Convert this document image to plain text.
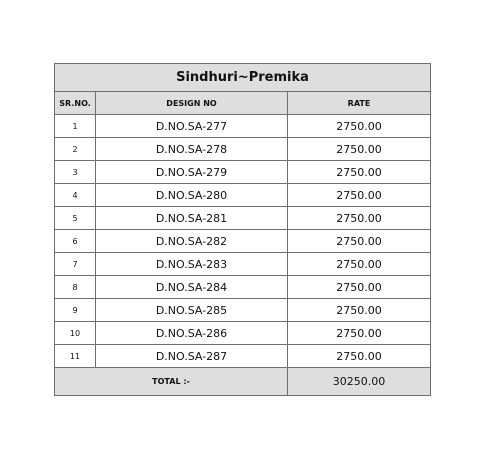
Sindhuri~Premika		
SR.NO.	DESIGN NO	RATE
1	D.NO.SA-277	2750.00
2	D.NO.SA-278	2750.00
3	D.NO.SA-279	2750.00
4	D.NO.SA-280	2750.00
5	D.NO.SA-281	2750.00
6	D.NO.SA-282	2750.00
7	D.NO.SA-283	2750.00
8	D.NO.SA-284	2750.00
9	D.NO.SA-285	2750.00
10	D.NO.SA-286	2750.00
11	D.NO.SA-287	2750.00
TOTAL :-		30250.00
